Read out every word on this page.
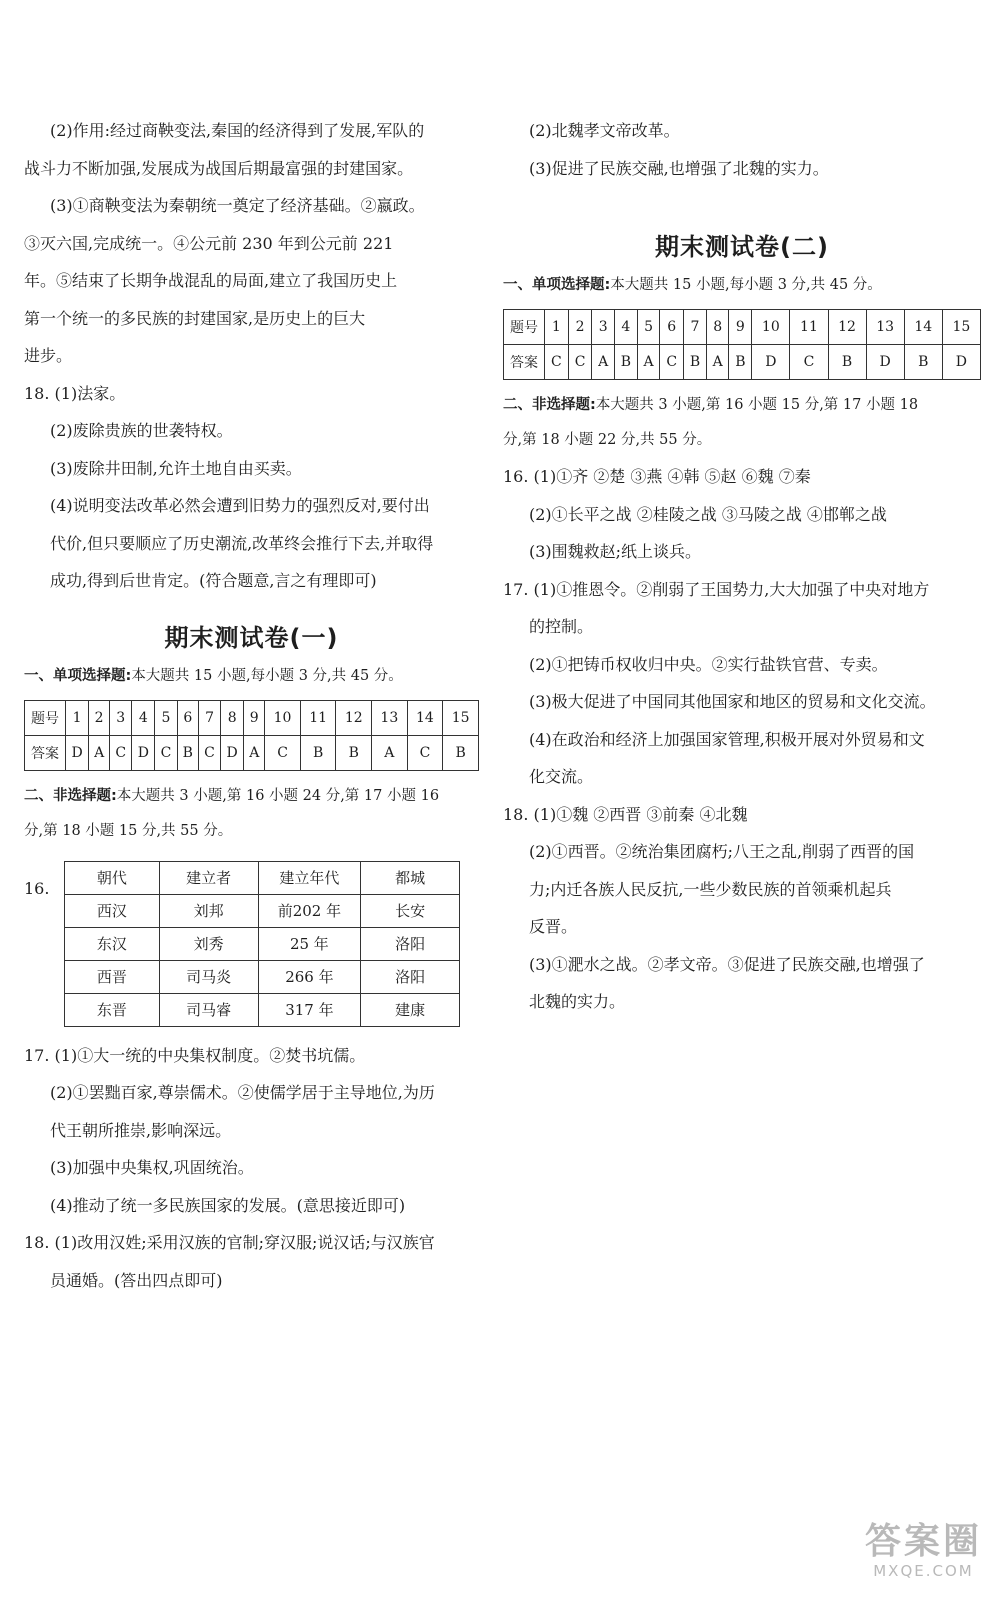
(2)作用:经过商鞅变法,秦国的经济得到了发展,军队的

战斗力不断加强,发展成为战国后期最富强的封建国家。

(3)①商鞅变法为秦朝统一奠定了经济基础。②嬴政。

③灭六国,完成统一。④公元前 230 年到公元前 221

年。⑤结束了长期争战混乱的局面,建立了我国历史上

第一个统一的多民族的封建国家,是历史上的巨大

进步。

18. (1)法家。

(2)废除贵族的世袭特权。

(3)废除井田制,允许土地自由买卖。

(4)说明变法改革必然会遭到旧势力的强烈反对,要付出

代价,但只要顺应了历史潮流,改革终会推行下去,并取得

成功,得到后世肯定。(符合题意,言之有理即可)

期末测试卷(一)

一、单项选择题:本大题共 15 小题,每小题 3 分,共 45 分。

题号	1	2	3	4	5	6	7	8	9	10	11	12	13	14	15
答案	D	A	C	D	C	B	C	D	A	C	B	B	A	C	B

二、非选择题:本大题共 3 小题,第 16 小题 24 分,第 17 小题 16

分,第 18 小题 15 分,共 55 分。

16.
朝代	建立者	建立年代	都城
西汉	刘邦	前202 年	长安
东汉	刘秀	25 年	洛阳
西晋	司马炎	266 年	洛阳
东晋	司马睿	317 年	建康

17. (1)①大一统的中央集权制度。②焚书坑儒。

(2)①罢黜百家,尊崇儒术。②使儒学居于主导地位,为历

代王朝所推崇,影响深远。

(3)加强中央集权,巩固统治。

(4)推动了统一多民族国家的发展。(意思接近即可)

18. (1)改用汉姓;采用汉族的官制;穿汉服;说汉话;与汉族官

员通婚。(答出四点即可)

(2)北魏孝文帝改革。

(3)促进了民族交融,也增强了北魏的实力。

期末测试卷(二)

一、单项选择题:本大题共 15 小题,每小题 3 分,共 45 分。

题号	1	2	3	4	5	6	7	8	9	10	11	12	13	14	15
答案	C	C	A	B	A	C	B	A	B	D	C	B	D	B	D

二、非选择题:本大题共 3 小题,第 16 小题 15 分,第 17 小题 18

分,第 18 小题 22 分,共 55 分。

16. (1)①齐 ②楚 ③燕 ④韩 ⑤赵 ⑥魏 ⑦秦

(2)①长平之战 ②桂陵之战 ③马陵之战 ④邯郸之战

(3)围魏救赵;纸上谈兵。

17. (1)①推恩令。②削弱了王国势力,大大加强了中央对地方

的控制。

(2)①把铸币权收归中央。②实行盐铁官营、专卖。

(3)极大促进了中国同其他国家和地区的贸易和文化交流。

(4)在政治和经济上加强国家管理,积极开展对外贸易和文

化交流。

18. (1)①魏 ②西晋 ③前秦 ④北魏

(2)①西晋。②统治集团腐朽;八王之乱,削弱了西晋的国

力;内迁各族人民反抗,一些少数民族的首领乘机起兵

反晋。

(3)①淝水之战。②孝文帝。③促进了民族交融,也增强了

北魏的实力。

答案圈
MXQE.COM
